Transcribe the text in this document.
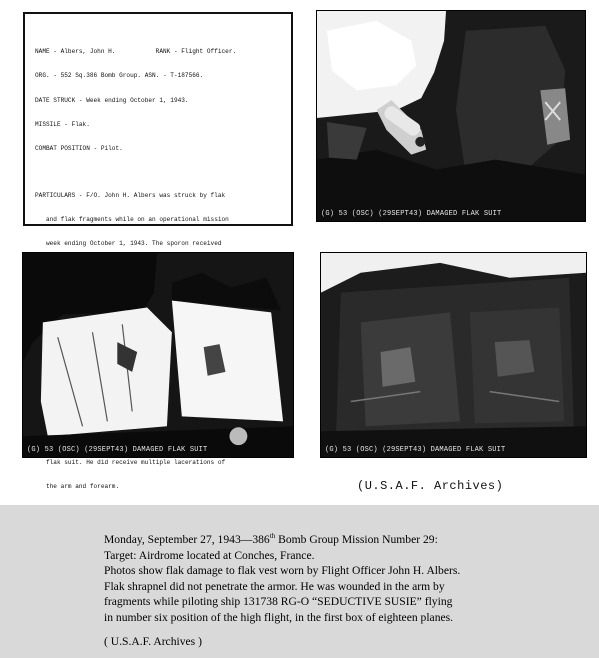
NAME - Albers, John H.           RANK - Flight Officer.

ORG. - 552 Sq.386 Bomb Group. ASN. - T-187566.

DATE STRUCK - Week ending October 1, 1943.

MISSILE - Flak.

COMBAT POSITION - Pilot.

PARTICULARS - F/O. John H. Albers was struck by flak

and flak fragments while on an operational mission

week ending October 1, 1943. The sporon received

flak suit. He did receive multiple lacerations of

the arm and forearm.

(G) 53 (OSC) (29SEPT43) DAMAGED FLAK SUIT
(G) 53 (OSC) (29SEPT43) DAMAGED FLAK SUIT	(G) 53 (OSC) (29SEPT43) DAMAGED FLAK SUIT
(U.S.A.F. Archives)

Monday, September 27, 1943—386th Bomb Group Mission Number 29:

Target: Airdrome located at Conches, France.

Photos show flak damage to flak vest worn by Flight Officer John H. Albers.

Flak shrapnel did not penetrate the armor. He was wounded in the arm by

fragments while piloting ship 131738 RG-O “SEDUCTIVE SUSIE” flying

in number six position of the high flight, in the first box of eighteen planes.

( U.S.A.F. Archives )
